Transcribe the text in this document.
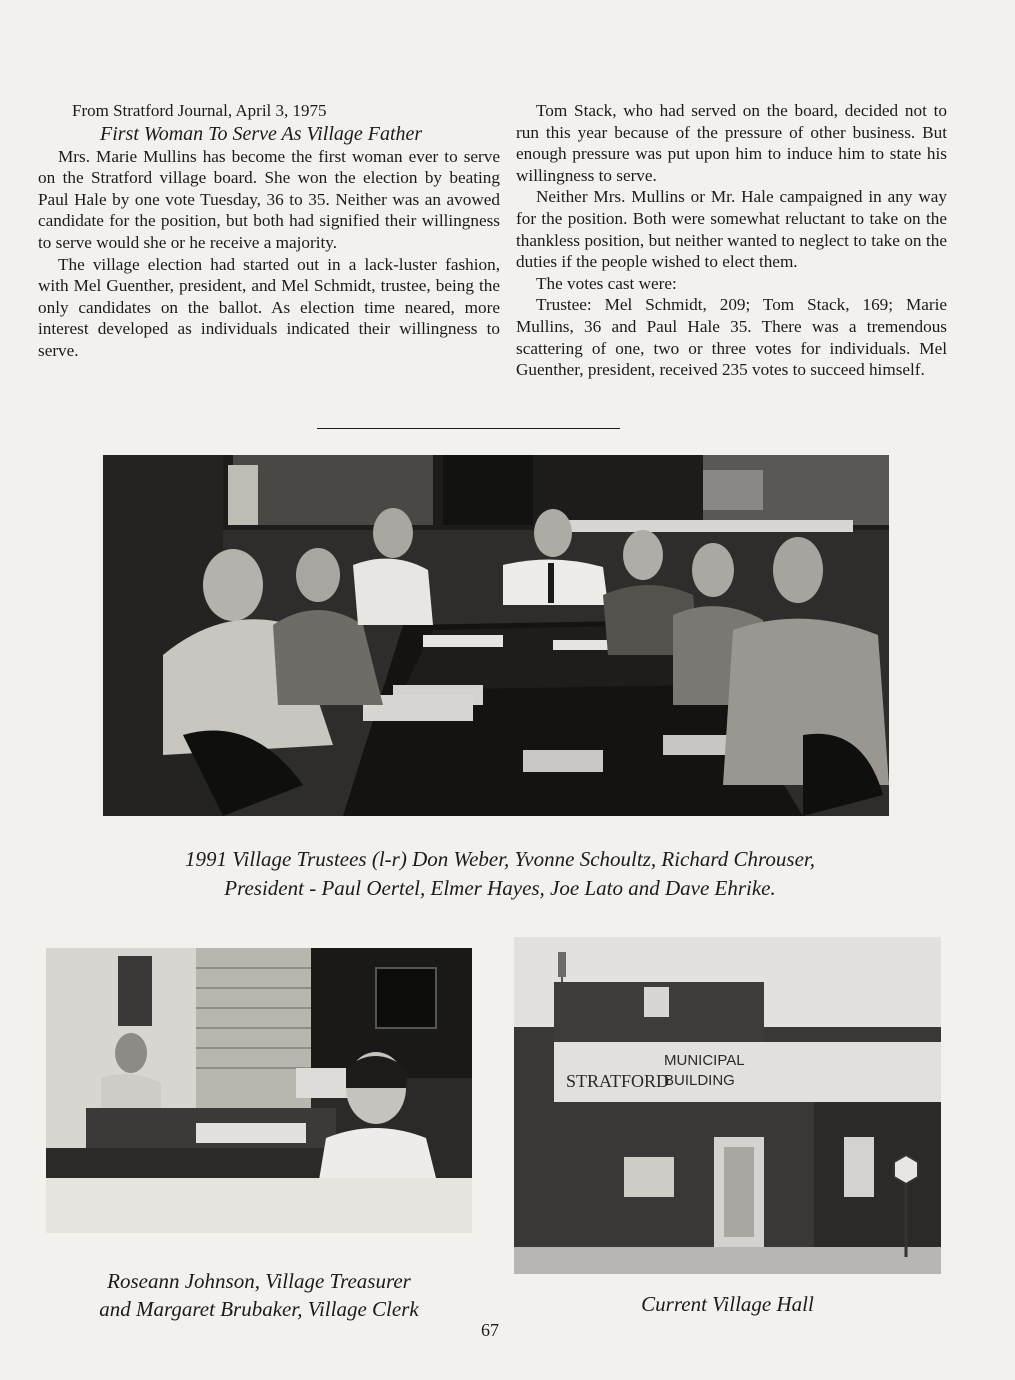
From Stratford Journal, April 3, 1975

First Woman To Serve As Village Father

Mrs. Marie Mullins has become the first woman ever to serve on the Stratford village board. She won the election by beating Paul Hale by one vote Tuesday, 36 to 35. Neither was an avowed candidate for the position, but both had signified their willingness to serve would she or he receive a majority.

The village election had started out in a lack-luster fashion, with Mel Guenther, president, and Mel Schmidt, trustee, being the only candidates on the ballot. As election time neared, more interest developed as individuals indicated their willingness to serve.

Tom Stack, who had served on the board, decided not to run this year because of the pressure of other business. But enough pressure was put upon him to induce him to state his willingness to serve.

Neither Mrs. Mullins or Mr. Hale campaigned in any way for the position. Both were somewhat reluctant to take on the thankless position, but neither wanted to neglect to take on the duties if the people wished to elect them.

The votes cast were:

Trustee: Mel Schmidt, 209; Tom Stack, 169; Marie Mullins, 36 and Paul Hale 35. There was a tremendous scattering of one, two or three votes for individuals. Mel Guenther, president, received 235 votes to succeed himself.

1991 Village Trustees (l-r) Don Weber, Yvonne Schoultz, Richard Chrouser,
President - Paul Oertel, Elmer Hayes, Joe Lato and Dave Ehrike.
Roseann Johnson, Village Treasurer
and Margaret Brubaker, Village Clerk
STRATFORD
MUNICIPAL
BUILDING
Current Village Hall
67
